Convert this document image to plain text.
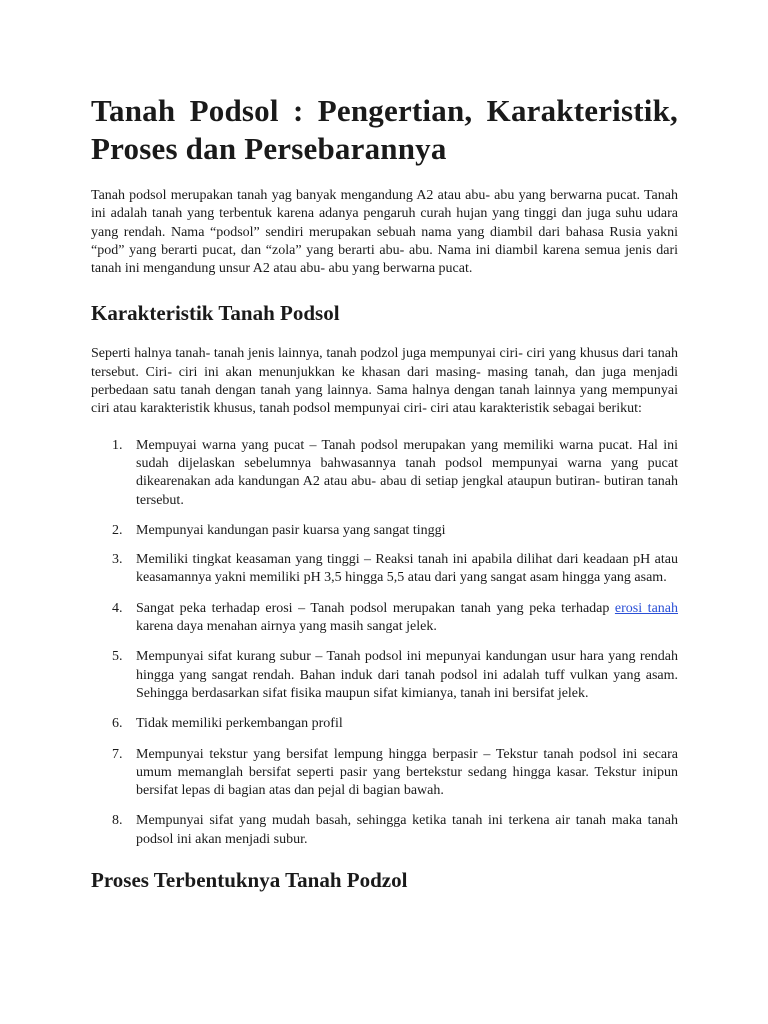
Tanah Podsol : Pengertian, Karakteristik,
Proses dan Persebarannya

Tanah podsol merupakan tanah yag banyak mengandung A2 atau abu- abu yang berwarna pucat. Tanah ini adalah tanah yang terbentuk karena adanya pengaruh curah hujan yang tinggi dan juga suhu udara yang rendah. Nama “podsol” sendiri merupakan sebuah nama yang diambil dari bahasa Rusia yakni “pod” yang berarti pucat, dan “zola” yang berarti abu- abu. Nama ini diambil karena semua jenis dari tanah ini mengandung unsur A2 atau abu- abu yang berwarna pucat.

Karakteristik Tanah Podsol

Seperti halnya tanah- tanah jenis lainnya, tanah podzol juga mempunyai ciri- ciri yang khusus dari tanah tersebut. Ciri- ciri ini akan menunjukkan ke khasan dari masing- masing tanah, dan juga menjadi perbedaan satu tanah dengan tanah yang lainnya. Sama halnya dengan tanah lainnya yang mempunyai ciri atau karakteristik khusus, tanah podsol mempunyai ciri- ciri atau karakteristik sebagai berikut:

1. Mempuyai warna yang pucat – Tanah podsol merupakan yang memiliki warna pucat. Hal ini sudah dijelaskan sebelumnya bahwasannya tanah podsol mempunyai warna yang pucat dikearenakan ada kandungan A2 atau abu- abau di setiap jengkal ataupun butiran- butiran tanah tersebut.
2. Mempunyai kandungan pasir kuarsa yang sangat tinggi
3. Memiliki tingkat keasaman yang tinggi – Reaksi tanah ini apabila dilihat dari keadaan pH atau keasamannya yakni memiliki pH 3,5 hingga 5,5 atau dari yang sangat asam hingga yang asam.
4. Sangat peka terhadap erosi – Tanah podsol merupakan tanah yang peka terhadap erosi tanah karena daya menahan airnya yang masih sangat jelek.
5. Mempunyai sifat kurang subur – Tanah podsol ini mepunyai kandungan usur hara yang rendah hingga yang sangat rendah. Bahan induk dari tanah podsol ini adalah tuff vulkan yang asam. Sehingga berdasarkan sifat fisika maupun sifat kimianya, tanah ini bersifat jelek.
6. Tidak memiliki perkembangan profil
7. Mempunyai tekstur yang bersifat lempung hingga berpasir – Tekstur tanah podsol ini secara umum memanglah bersifat seperti pasir yang bertekstur sedang hingga kasar. Tekstur inipun bersifat lepas di bagian atas dan pejal di bagian bawah.
8. Mempunyai sifat yang mudah basah, sehingga ketika tanah ini terkena air tanah maka tanah podsol ini akan menjadi subur.
Proses Terbentuknya Tanah Podzol
